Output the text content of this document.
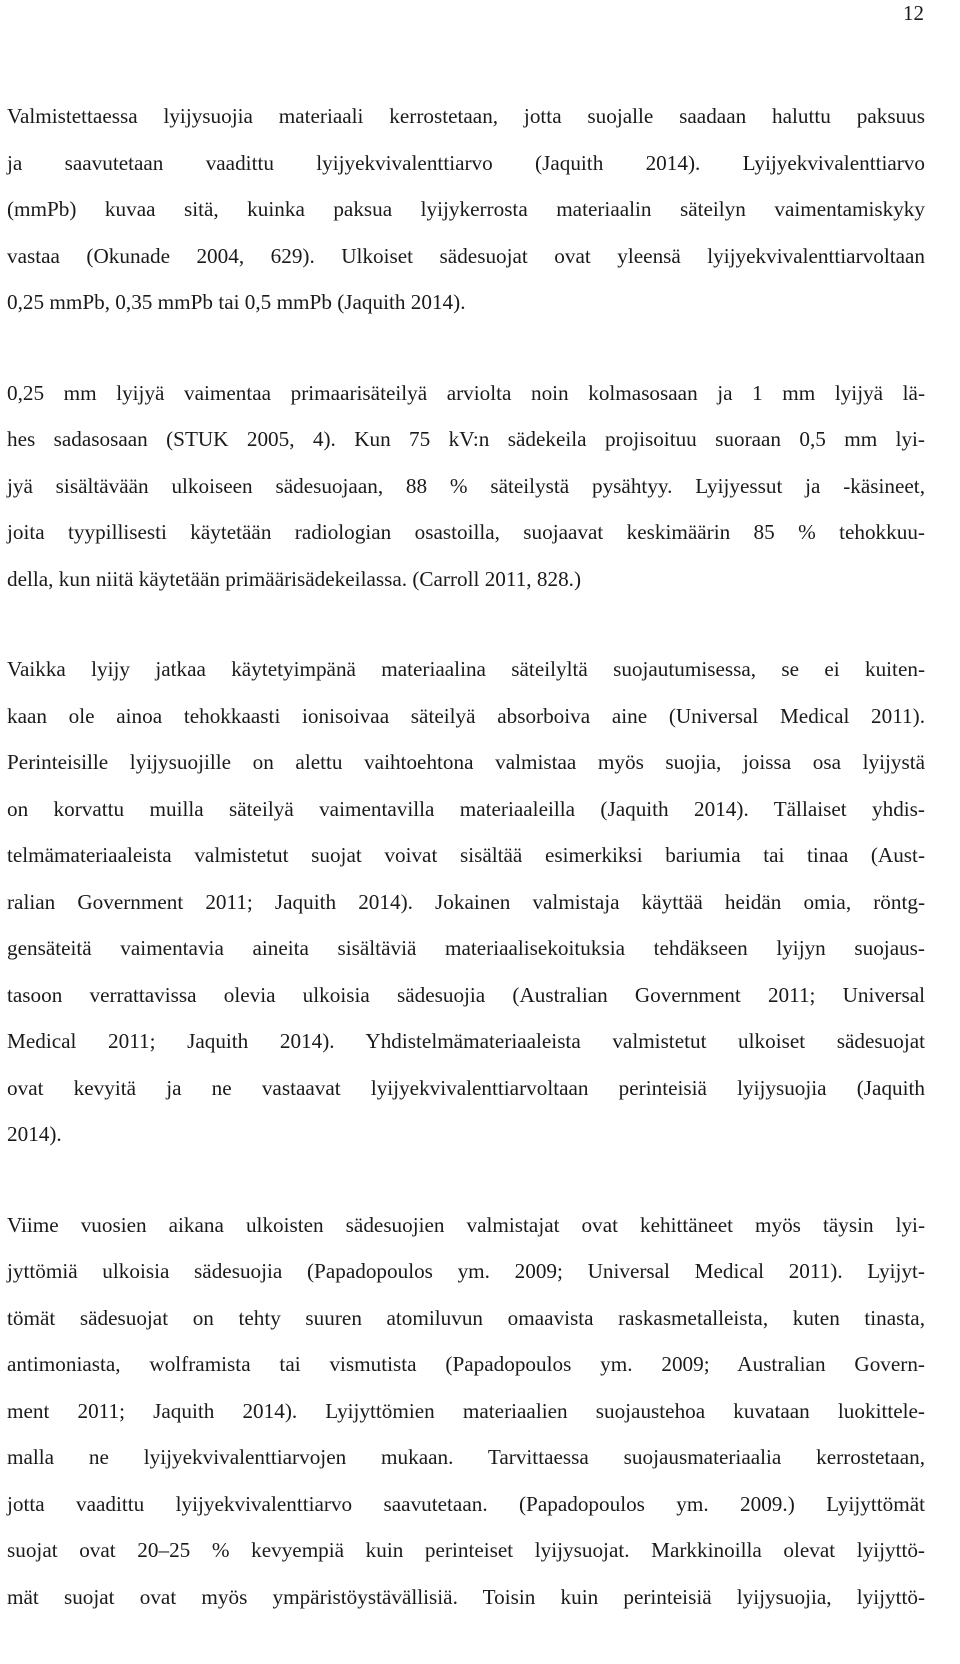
12
Valmistettaessa lyijysuojia materiaali kerrostetaan, jotta suojalle saadaan haluttu paksuus
ja saavutetaan vaadittu lyijyekvivalenttiarvo (Jaquith 2014). Lyijyekvivalenttiarvo
(mmPb) kuvaa sitä, kuinka paksua lyijykerrosta materiaalin säteilyn vaimentamiskyky
vastaa (Okunade 2004, 629). Ulkoiset sädesuojat ovat yleensä lyijyekvivalenttiarvoltaan
0,25 mmPb, 0,35 mmPb tai 0,5 mmPb (Jaquith 2014).
0,25 mm lyijyä vaimentaa primaarisäteilyä arviolta noin kolmasosaan ja 1 mm lyijyä lä-
hes sadasosaan (STUK 2005, 4). Kun 75 kV:n sädekeila projisoituu suoraan 0,5 mm lyi-
jyä sisältävään ulkoiseen sädesuojaan, 88 % säteilystä pysähtyy. Lyijyessut ja -käsineet,
joita tyypillisesti käytetään radiologian osastoilla, suojaavat keskimäärin 85 % tehokkuu-
della, kun niitä käytetään primäärisädekeilassa. (Carroll 2011, 828.)
Vaikka lyijy jatkaa käytetyimpänä materiaalina säteilyltä suojautumisessa, se ei kuiten-
kaan ole ainoa tehokkaasti ionisoivaa säteilyä absorboiva aine (Universal Medical 2011).
Perinteisille lyijysuojille on alettu vaihtoehtona valmistaa myös suojia, joissa osa lyijystä
on korvattu muilla säteilyä vaimentavilla materiaaleilla (Jaquith 2014). Tällaiset yhdis-
telmämateriaaleista valmistetut suojat voivat sisältää esimerkiksi bariumia tai tinaa (Aust-
ralian Government 2011; Jaquith 2014). Jokainen valmistaja käyttää heidän omia, röntg-
gensäteitä vaimentavia aineita sisältäviä materiaalisekoituksia tehdäkseen lyijyn suojaus-
tasoon verrattavissa olevia ulkoisia sädesuojia (Australian Government 2011; Universal
Medical 2011; Jaquith 2014). Yhdistelmämateriaaleista valmistetut ulkoiset sädesuojat
ovat kevyitä ja ne vastaavat lyijyekvivalenttiarvoltaan perinteisiä lyijysuojia (Jaquith
2014).
Viime vuosien aikana ulkoisten sädesuojien valmistajat ovat kehittäneet myös täysin lyi-
jyttömiä ulkoisia sädesuojia (Papadopoulos ym. 2009; Universal Medical 2011). Lyijyt-
tömät sädesuojat on tehty suuren atomiluvun omaavista raskasmetalleista, kuten tinasta,
antimoniasta, wolframista tai vismutista (Papadopoulos ym. 2009; Australian Govern-
ment 2011; Jaquith 2014). Lyijyttömien materiaalien suojaustehoa kuvataan luokittele-
malla ne lyijyekvivalenttiarvojen mukaan. Tarvittaessa suojausmateriaalia kerrostetaan,
jotta vaadittu lyijyekvivalenttiarvo saavutetaan. (Papadopoulos ym. 2009.) Lyijyttömät
suojat ovat 20–25 % kevyempiä kuin perinteiset lyijysuojat. Markkinoilla olevat lyijyttö-
mät suojat ovat myös ympäristöystävällisiä. Toisin kuin perinteisiä lyijysuojia, lyijyttö-
